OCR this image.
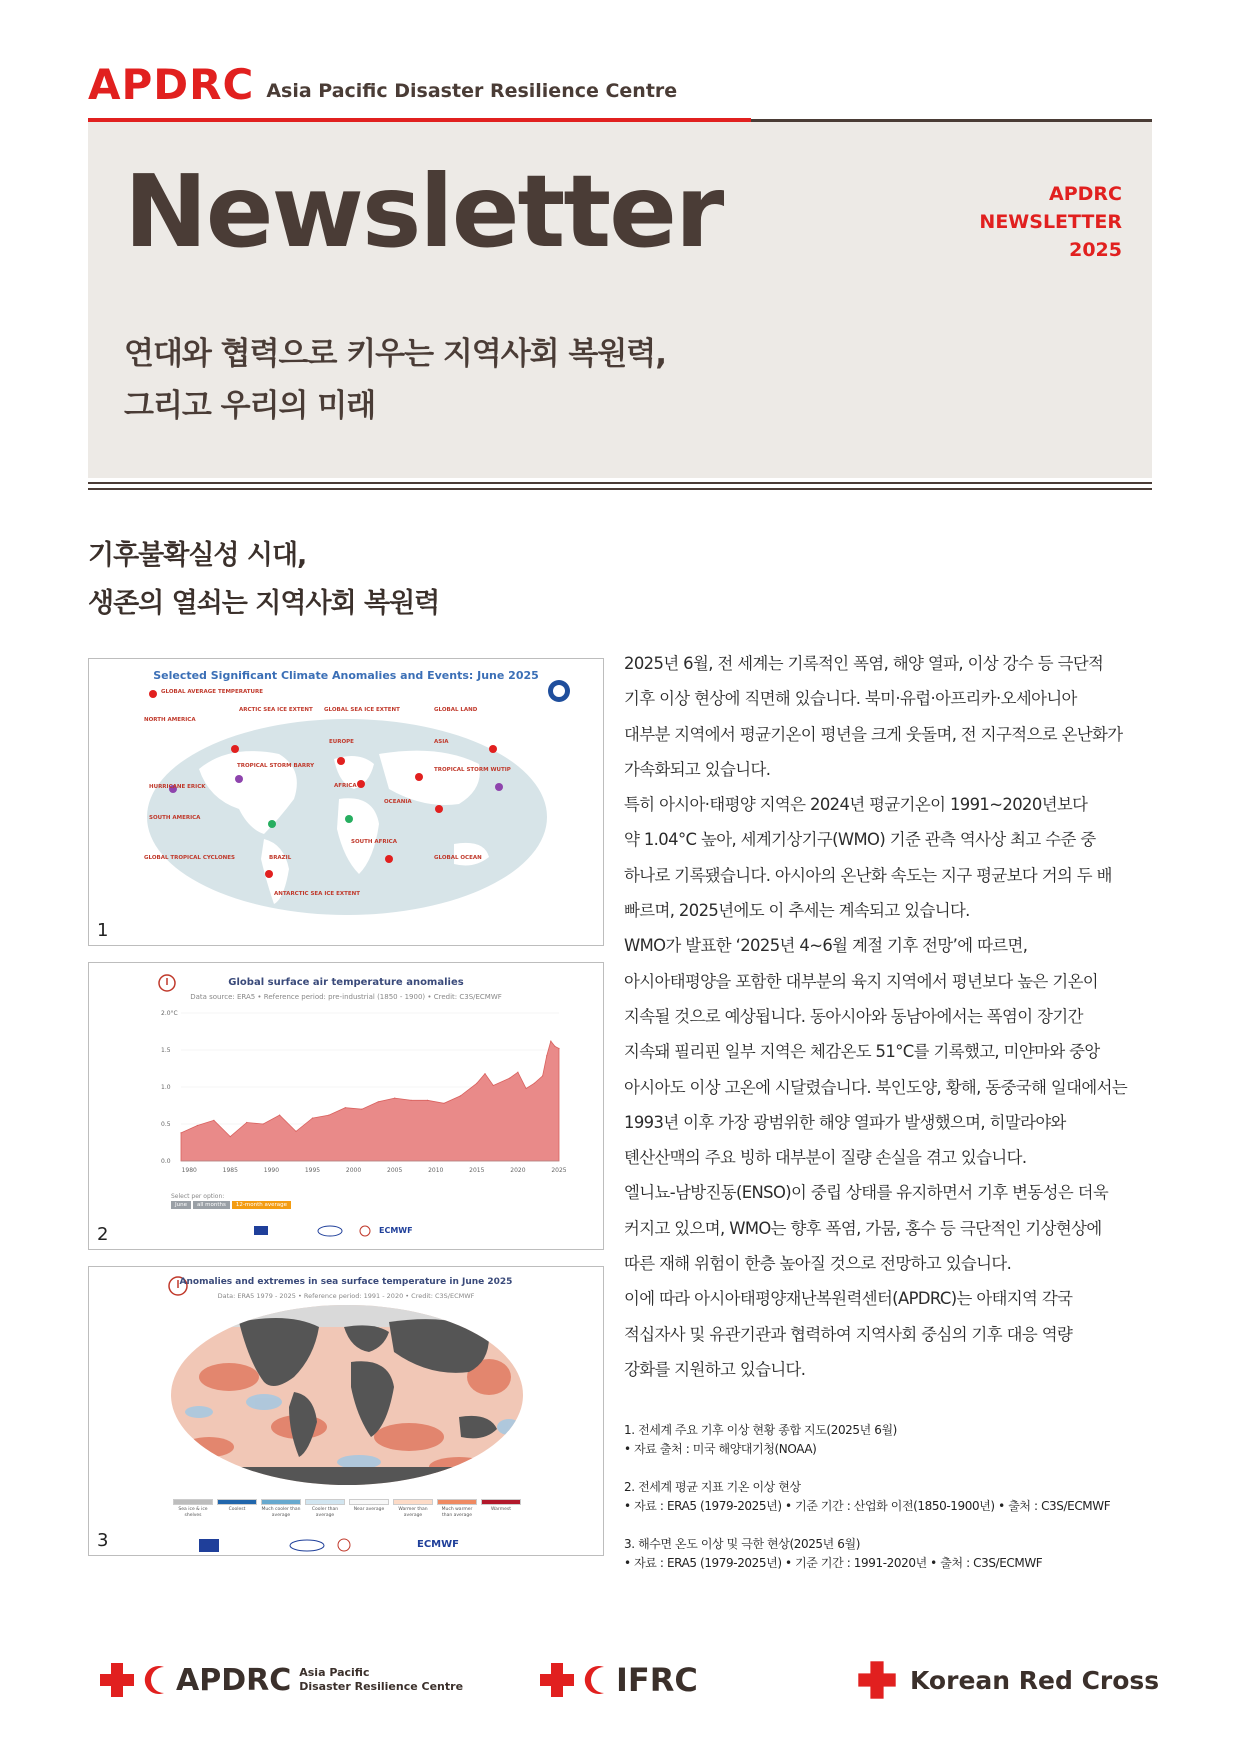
APDRC Asia Pacific Disaster Resilience Centre
Newsletter	APDRC
NEWSLETTER
2025
연대와 협력으로 키우는 지역사회 복원력,
그리고 우리의 미래
기후불확실성 시대,
생존의 열쇠는 지역사회 복원력
Selected Significant Climate Anomalies and Events: June 2025
GLOBAL AVERAGE TEMPERATURE
ARCTIC SEA ICE EXTENT GLOBAL SEA ICE EXTENT	GLOBAL LAND
NORTH AMERICA
EUROPE	ASIA
TROPICAL STORM BARRY
TROPICAL STORM WUTIP
HURRICANE ERICK	AFRICA
OCEANIA
SOUTH AMERICA
SOUTH AFRICA
GLOBAL TROPICAL CYCLONES	BRAZIL	GLOBAL OCEAN
ANTARCTIC SEA ICE EXTENT
1
Global surface air temperature anomalies
Data source: ERA5 • Reference period: pre-industrial (1850 - 1900) • Credit: C3S/ECMWF
0.0
0.5
1.0
1.5
2.0°C
1980	1985	1990	1995	2000	2005	2010	2015	2020	2025
Select per option:
June	all months	12-month average
ECMWF
2
Anomalies and extremes in sea surface temperature in June 2025
Data: ERA5 1979 - 2025 • Reference period: 1991 - 2020 • Credit: C3S/ECMWF
Sea ice & ice shelves
Coolest	Much cooler than average
Cooler than average
Near average	Warmer than average
Much warmer than average
Warmest
ECMWF
3

2025년 6월, 전 세계는 기록적인 폭염, 해양 열파, 이상 강수 등 극단적

기후 이상 현상에 직면해 있습니다. 북미·유럽·아프리카·오세아니아

대부분 지역에서 평균기온이 평년을 크게 웃돌며, 전 지구적으로 온난화가

가속화되고 있습니다.

특히 아시아·태평양 지역은 2024년 평균기온이 1991~2020년보다

약 1.04°C 높아, 세계기상기구(WMO) 기준 관측 역사상 최고 수준 중

하나로 기록됐습니다. 아시아의 온난화 속도는 지구 평균보다 거의 두 배

빠르며, 2025년에도 이 추세는 계속되고 있습니다.

WMO가 발표한 ‘2025년 4~6월 계절 기후 전망’에 따르면,

아시아태평양을 포함한 대부분의 육지 지역에서 평년보다 높은 기온이

지속될 것으로 예상됩니다. 동아시아와 동남아에서는 폭염이 장기간

지속돼 필리핀 일부 지역은 체감온도 51°C를 기록했고, 미얀마와 중앙

아시아도 이상 고온에 시달렸습니다. 북인도양, 황해, 동중국해 일대에서는

1993년 이후 가장 광범위한 해양 열파가 발생했으며, 히말라야와

톈산산맥의 주요 빙하 대부분이 질량 손실을 겪고 있습니다.

엘니뇨-남방진동(ENSO)이 중립 상태를 유지하면서 기후 변동성은 더욱

커지고 있으며, WMO는 향후 폭염, 가뭄, 홍수 등 극단적인 기상현상에

따른 재해 위험이 한층 높아질 것으로 전망하고 있습니다.

이에 따라 아시아태평양재난복원력센터(APDRC)는 아태지역 각국

적십자사 및 유관기관과 협력하여 지역사회 중심의 기후 대응 역량

강화를 지원하고 있습니다.

1. 전세계 주요 기후 이상 현황 종합 지도(2025년 6월)
• 자료 출처 : 미국 해양대기청(NOAA)
2. 전세계 평균 지표 기온 이상 현상
• 자료 : ERA5 (1979-2025년) • 기준 기간 : 산업화 이전(1850-1900년) • 출처 : C3S/ECMWF
3. 해수면 온도 이상 및 극한 현상(2025년 6월)
• 자료 : ERA5 (1979-2025년) • 기준 기간 : 1991-2020년 • 출처 : C3S/ECMWF
APDRC Asia Pacific
Disaster Resilience Centre	IFRC	Korean Red Cross
